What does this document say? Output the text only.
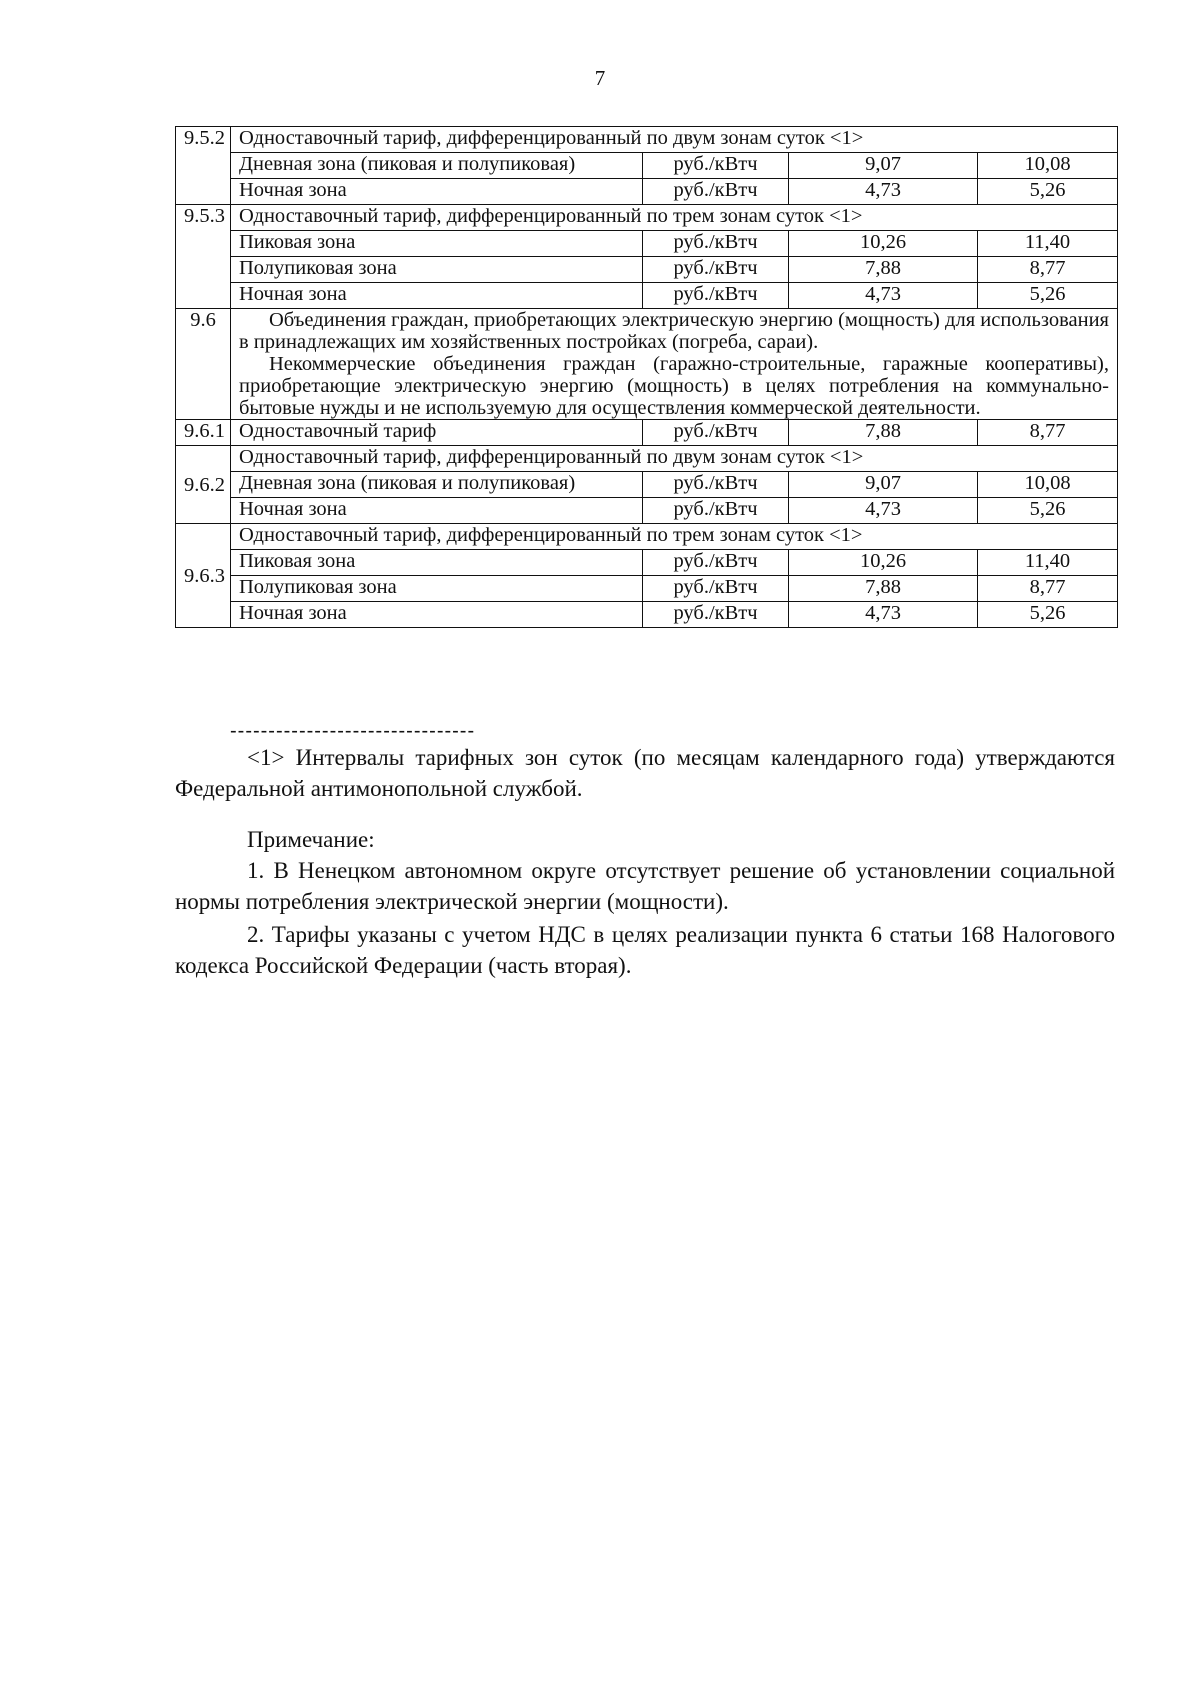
7
9.5.2	Одноставочный тариф, дифференцированный по двум зонам суток <1>			
	Дневная зона (пиковая и полупиковая)	руб./кВтч	9,07	10,08
	Ночная зона	руб./кВтч	4,73	5,26
9.5.3	Одноставочный тариф, дифференцированный по трем зонам суток <1>			
	Пиковая зона	руб./кВтч	10,26	11,40
	Полупиковая зона	руб./кВтч	7,88	8,77
	Ночная зона	руб./кВтч	4,73	5,26
9.6	Объединения граждан, приобретающих электрическую энергию (мощность) для использования в принадлежащих им хозяйственных постройках (погреба, сараи).

Некоммерческие объединения граждан (гаражно-строительные, гаражные кооперативы), приобретающие электрическую энергию (мощность) в целях потребления на коммунально-бытовые нужды и не используемую для осуществления коммерческой деятельности.			

9.6.1	Одноставочный тариф	руб./кВтч	7,88	8,77
9.6.2	Одноставочный тариф, дифференцированный по двум зонам суток <1>			
	Дневная зона (пиковая и полупиковая)	руб./кВтч	9,07	10,08
	Ночная зона	руб./кВтч	4,73	5,26
9.6.3	Одноставочный тариф, дифференцированный по трем зонам суток <1>			
	Пиковая зона	руб./кВтч	10,26	11,40
	Полупиковая зона	руб./кВтч	7,88	8,77
	Ночная зона	руб./кВтч	4,73	5,26
--------------------------------

<1> Интервалы тарифных зон суток (по месяцам календарного года) утверждаются Федеральной антимонопольной службой.

Примечание:

1. В Ненецком автономном округе отсутствует решение об установлении социальной нормы потребления электрической энергии (мощности).

2. Тарифы указаны с учетом НДС в целях реализации пункта 6 статьи 168 Налогового кодекса Российской Федерации (часть вторая).
